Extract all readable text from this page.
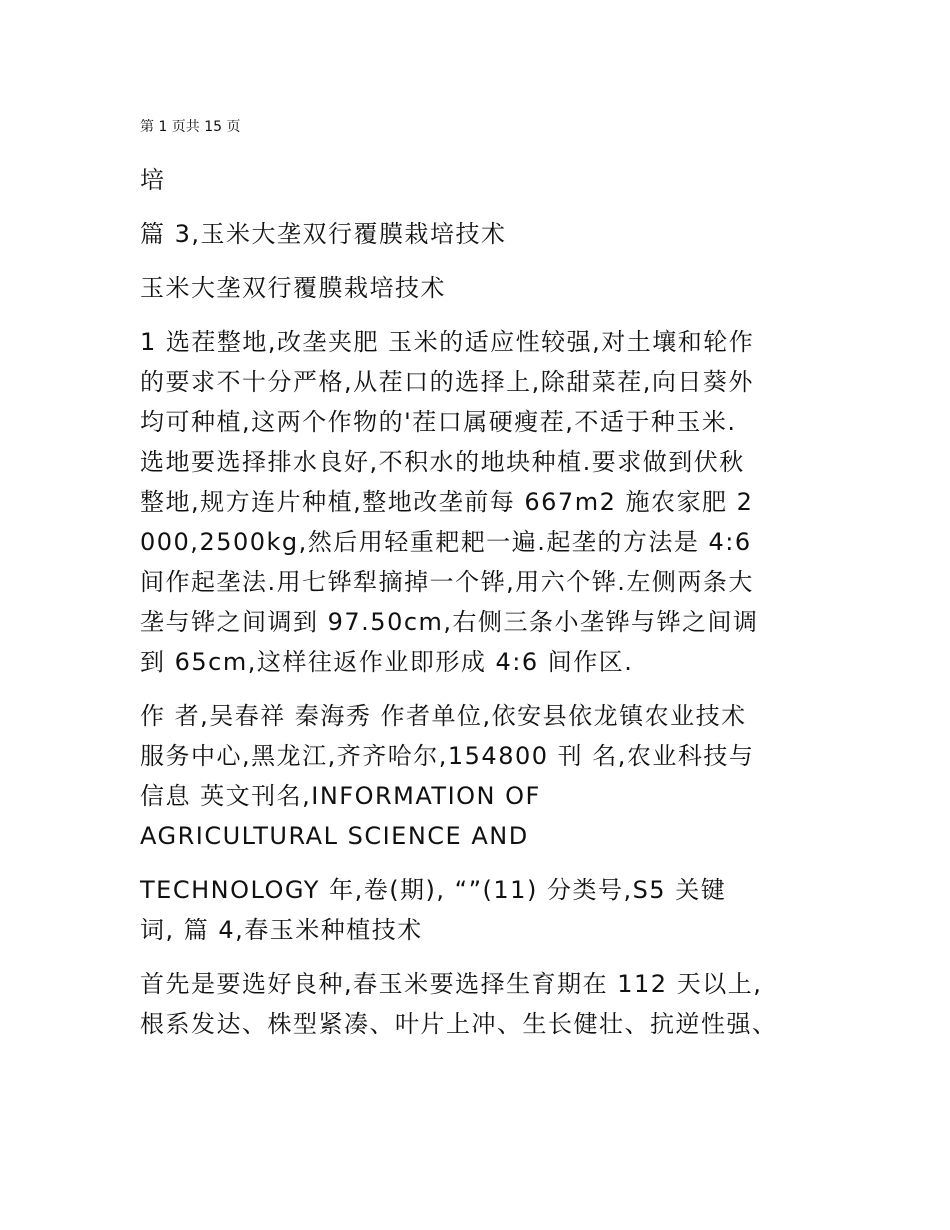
第 1 页共 15 页

培

篇 3,玉米大垄双行覆膜栽培技术

玉米大垄双行覆膜栽培技术

1 选茬整地,改垄夹肥 玉米的适应性较强,对土壤和轮作
的要求不十分严格,从茬口的选择上,除甜菜茬,向日葵外
均可种植,这两个作物的'茬口属硬瘦茬,不适于种玉米.
选地要选择排水良好,不积水的地块种植.要求做到伏秋
整地,规方连片种植,整地改垄前每 667m2 施农家肥 2
000,2500kg,然后用轻重耙耙一遍.起垄的方法是 4:6
间作起垄法.用七铧犁摘掉一个铧,用六个铧.左侧两条大
垄与铧之间调到 97.50cm,右侧三条小垄铧与铧之间调
到 65cm,这样往返作业即形成 4:6 间作区.

作 者,吴春祥 秦海秀 作者单位,依安县依龙镇农业技术
服务中心,黑龙江,齐齐哈尔,154800 刊 名,农业科技与
信息 英文刊名,INFORMATION OF
AGRICULTURAL SCIENCE AND

TECHNOLOGY 年,卷(期), “”(11) 分类号,S5 关键
词, 篇 4,春玉米种植技术

首先是要选好良种,春玉米要选择生育期在 112 天以上,
根系发达、株型紧凑、叶片上冲、生长健壮、抗逆性强、
